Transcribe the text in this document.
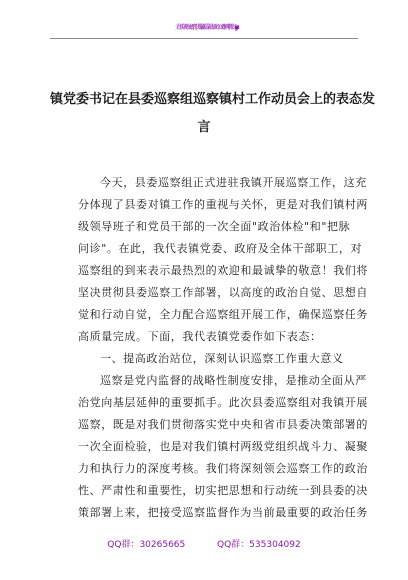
关注头条号"公文研究"，获得最新最全最专业的公文资料库！ 微信：gongwenyj
镇党委书记在县委巡察组巡察镇村工作动员会上的表态发
言
今天，县委巡察组正式进驻我镇开展巡察工作，这充
分体现了县委对镇工作的重视与关怀，更是对我们镇村两
级领导班子和党员干部的一次全面"政治体检"和"把脉
问诊"。在此，我代表镇党委、政府及全体干部职工，对
巡察组的到来表示最热烈的欢迎和最诚挚的敬意！我们将
坚决贯彻县委巡察工作部署，以高度的政治自觉、思想自
觉和行动自觉，全力配合巡察组开展工作，确保巡察任务
高质量完成。下面，我代表镇党委作如下表态：
一、提高政治站位，深刻认识巡察工作重大意义
巡察是党内监督的战略性制度安排，是推动全面从严
治党向基层延伸的重要抓手。此次县委巡察组对我镇开展
巡察，既是对我们贯彻落实党中央和省市县委决策部署的
一次全面检验，也是对我们镇村两级党组织战斗力、凝聚
力和执行力的深度考核。我们将深刻领会巡察工作的政治
性、严肃性和重要性，切实把思想和行动统一到县委的决
策部署上来，把接受巡察监督作为当前最重要的政治任务
QQ群：30265665	QQ群：535304092
